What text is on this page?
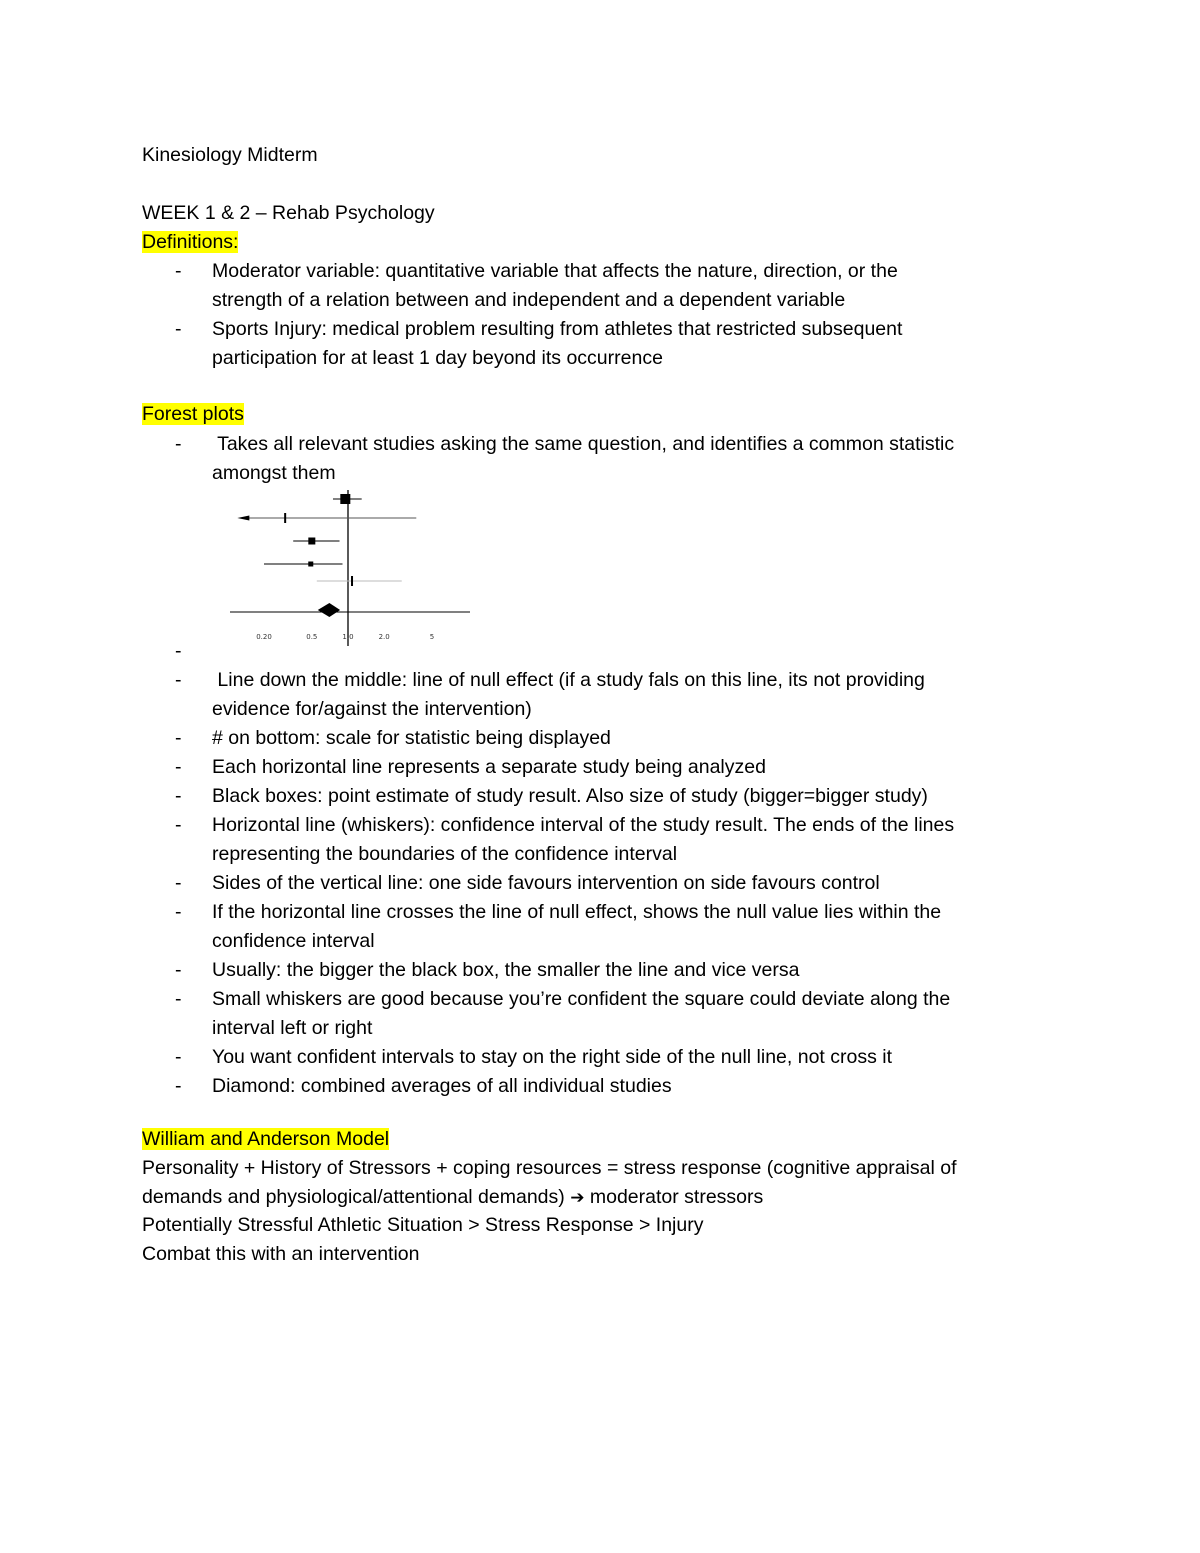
Kinesiology Midterm
WEEK 1 & 2 – Rehab Psychology
Definitions:
-	Moderator variable: quantitative variable that affects the nature, direction, or the
strength of a relation between and independent and a dependent variable
-	Sports Injury: medical problem resulting from athletes that restricted subsequent
participation for at least 1 day beyond its occurrence
Forest plots
-	Takes all relevant studies asking the same question, and identifies a common statistic
amongst them
0.20	0.5	1.0	2.0	5
-
-	Line down the middle: line of null effect (if a study fals on this line, its not providing
evidence for/against the intervention)
-	# on bottom: scale for statistic being displayed
-	Each horizontal line represents a separate study being analyzed
-	Black boxes: point estimate of study result. Also size of study (bigger=bigger study)
-	Horizontal line (whiskers): confidence interval of the study result. The ends of the lines
representing the boundaries of the confidence interval
-	Sides of the vertical line: one side favours intervention on side favours control
-	If the horizontal line crosses the line of null effect, shows the null value lies within the
confidence interval
-	Usually: the bigger the black box, the smaller the line and vice versa
-	Small whiskers are good because you’re confident the square could deviate along the
interval left or right
-	You want confident intervals to stay on the right side of the null line, not cross it
-	Diamond: combined averages of all individual studies
William and Anderson Model
Personality + History of Stressors + coping resources = stress response (cognitive appraisal of
demands and physiological/attentional demands) ➔ moderator stressors
Potentially Stressful Athletic Situation > Stress Response > Injury
Combat this with an intervention
